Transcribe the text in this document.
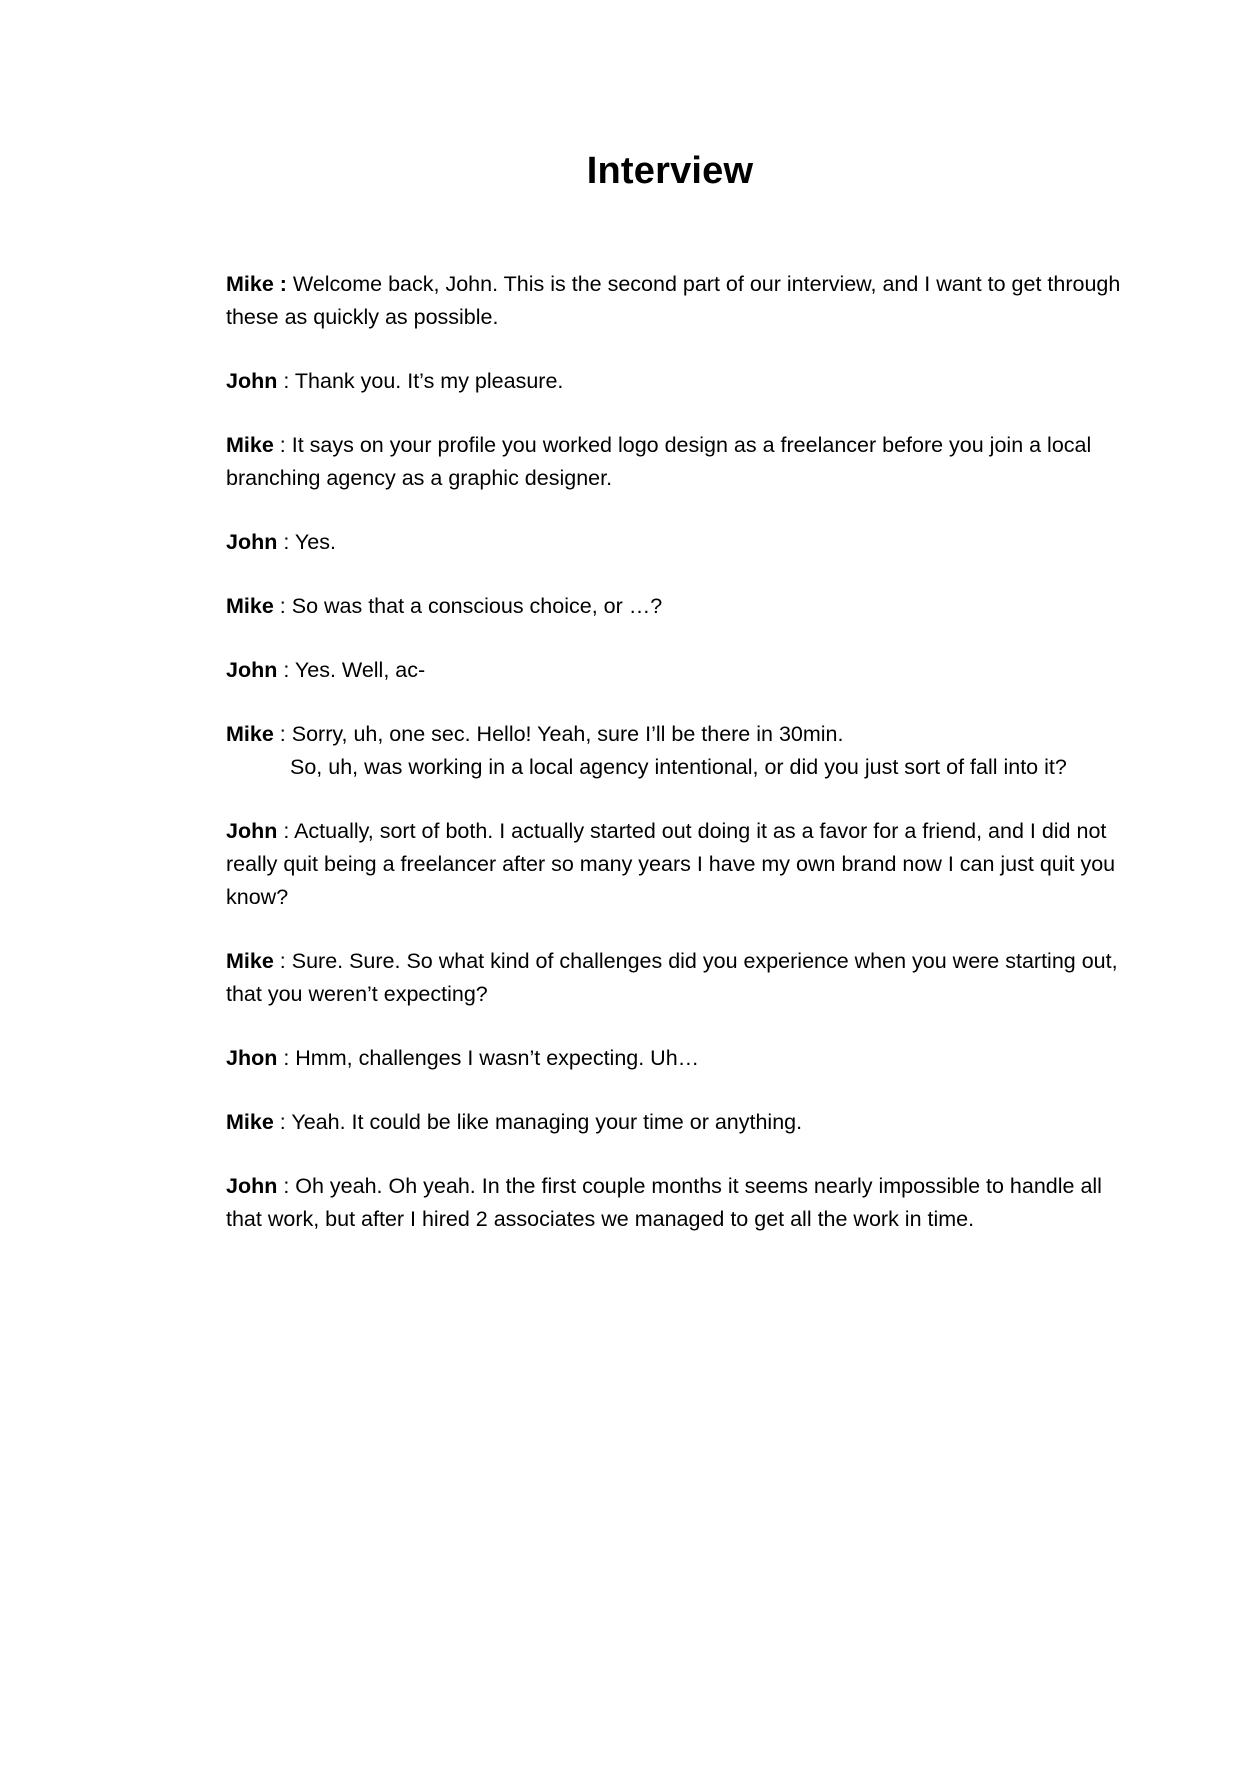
Interview
Mike : Welcome back, John. This is the second part of our interview, and I want to get through these as quickly as possible.
John : Thank you. It’s my pleasure.
Mike : It says on your profile you worked logo design as a freelancer before you join a local branching agency as a graphic designer.
John : Yes.
Mike : So was that a conscious choice, or …?
John : Yes. Well, ac-
Mike : Sorry, uh, one sec. Hello! Yeah, sure I’ll be there in 30min.
So, uh, was working in a local agency intentional, or did you just sort of fall into it?
John : Actually, sort of both. I actually started out doing it as a favor for a friend, and I did not really quit being a freelancer after so many years I have my own brand now I can just quit you know?
Mike : Sure. Sure. So what kind of challenges did you experience when you were starting out, that you weren’t expecting?
Jhon : Hmm, challenges I wasn’t expecting. Uh…
Mike : Yeah. It could be like managing your time or anything.
John : Oh yeah. Oh yeah. In the first couple months it seems nearly impossible to handle all that work, but after I hired 2 associates we managed to get all the work in time.
